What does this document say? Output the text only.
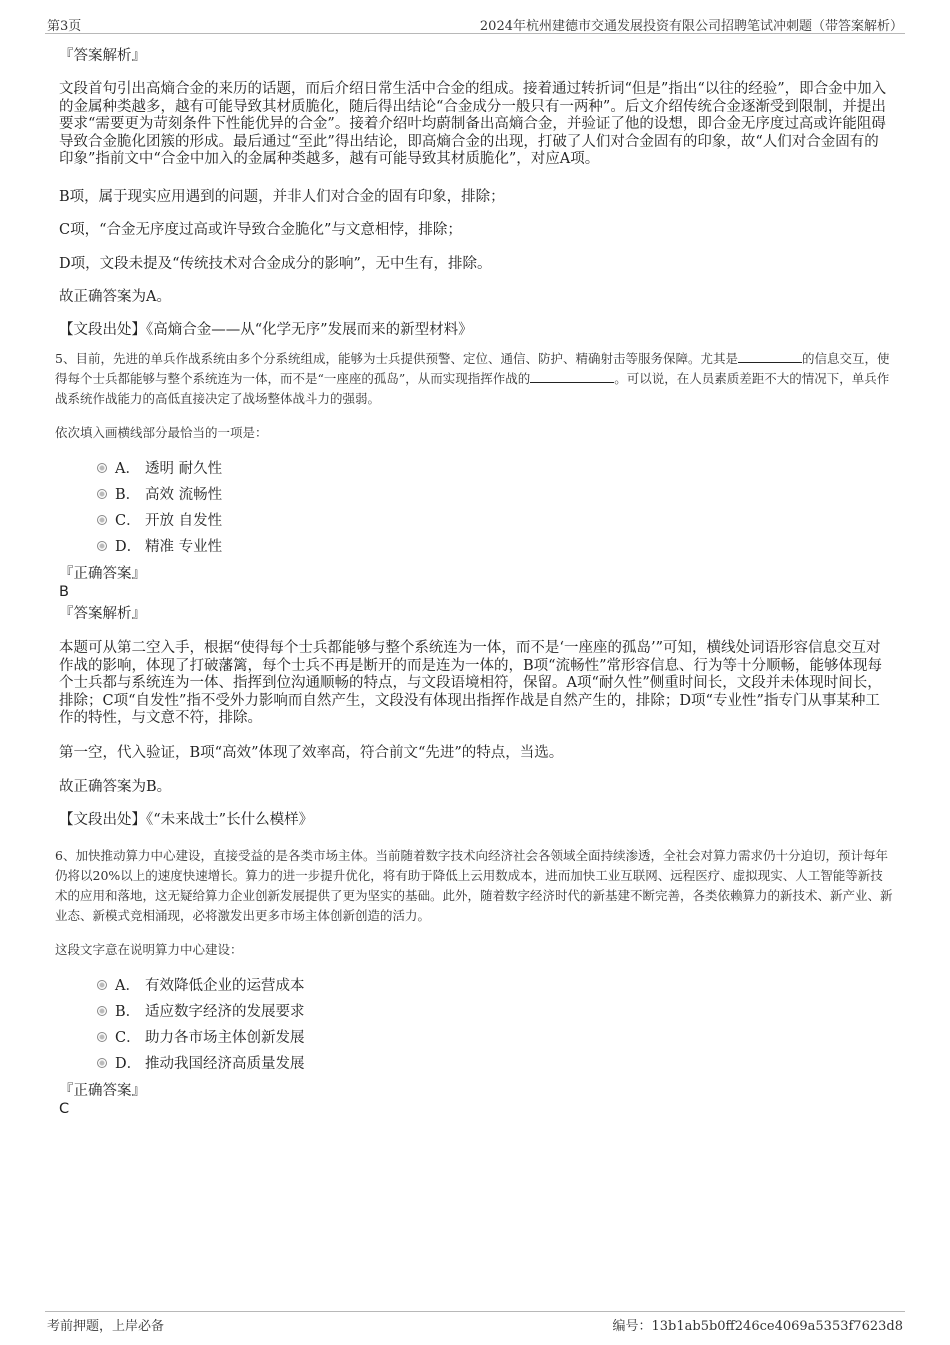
第3页	2024年杭州建德市交通发展投资有限公司招聘笔试冲刺题（带答案解析）
『答案解析』
文段首句引出高熵合金的来历的话题，而后介绍日常生活中合金的组成。接着通过转折词“但是”指出“以往的经验”，即合金中加入的金属种类越多，越有可能导致其材质脆化，随后得出结论“合金成分一般只有一两种”。后文介绍传统合金逐渐受到限制，并提出要求“需要更为苛刻条件下性能优异的合金”。接着介绍叶均蔚制备出高熵合金，并验证了他的设想，即合金无序度过高或许能阻碍导致合金脆化团簇的形成。最后通过“至此”得出结论，即高熵合金的出现，打破了人们对合金固有的印象，故“人们对合金固有的印象”指前文中“合金中加入的金属种类越多，越有可能导致其材质脆化”，对应A项。
B项，属于现实应用遇到的问题，并非人们对合金的固有印象，排除；
C项，“合金无序度过高或许导致合金脆化”与文意相悖，排除；
D项，文段未提及“传统技术对合金成分的影响”，无中生有，排除。
故正确答案为A。
【文段出处】《高熵合金——从“化学无序”发展而来的新型材料》
5、目前，先进的单兵作战系统由多个分系统组成，能够为士兵提供预警、定位、通信、防护、精确射击等服务保障。尤其是	的信息交互，使得每个士兵都能够与整个系统连为一体，而不是“一座座的孤岛”，从而实现指挥作战的	。可以说，在人员素质差距不大的情况下，单兵作战系统作战能力的高低直接决定了战场整体战斗力的强弱。
依次填入画横线部分最恰当的一项是：
A． 透明 耐久性
B． 高效 流畅性
C． 开放 自发性
D． 精准 专业性
『正确答案』
B
『答案解析』
本题可从第二空入手，根据“使得每个士兵都能够与整个系统连为一体，而不是‘一座座的孤岛’”可知，横线处词语形容信息交互对作战的影响，体现了打破藩篱，每个士兵不再是断开的而是连为一体的，B项“流畅性”常形容信息、行为等十分顺畅，能够体现每个士兵都与系统连为一体、指挥到位沟通顺畅的特点，与文段语境相符，保留。A项“耐久性”侧重时间长，文段并未体现时间长，排除；C项“自发性”指不受外力影响而自然产生，文段没有体现出指挥作战是自然产生的，排除；D项“专业性”指专门从事某种工作的特性，与文意不符，排除。
第一空，代入验证，B项“高效”体现了效率高，符合前文“先进”的特点，当选。
故正确答案为B。
【文段出处】《“未来战士”长什么模样》
6、加快推动算力中心建设，直接受益的是各类市场主体。当前随着数字技术向经济社会各领域全面持续渗透，全社会对算力需求仍十分迫切，预计每年仍将以20%以上的速度快速增长。算力的进一步提升优化，将有助于降低上云用数成本，进而加快工业互联网、远程医疗、虚拟现实、人工智能等新技术的应用和落地，这无疑给算力企业创新发展提供了更为坚实的基础。此外，随着数字经济时代的新基建不断完善，各类依赖算力的新技术、新产业、新业态、新模式竞相涌现，必将激发出更多市场主体创新创造的活力。
这段文字意在说明算力中心建设：
A． 有效降低企业的运营成本
B． 适应数字经济的发展要求
C． 助力各市场主体创新发展
D． 推动我国经济高质量发展
『正确答案』
C
考前押题，上岸必备	编号：13b1ab5b0ff246ce4069a5353f7623d8
